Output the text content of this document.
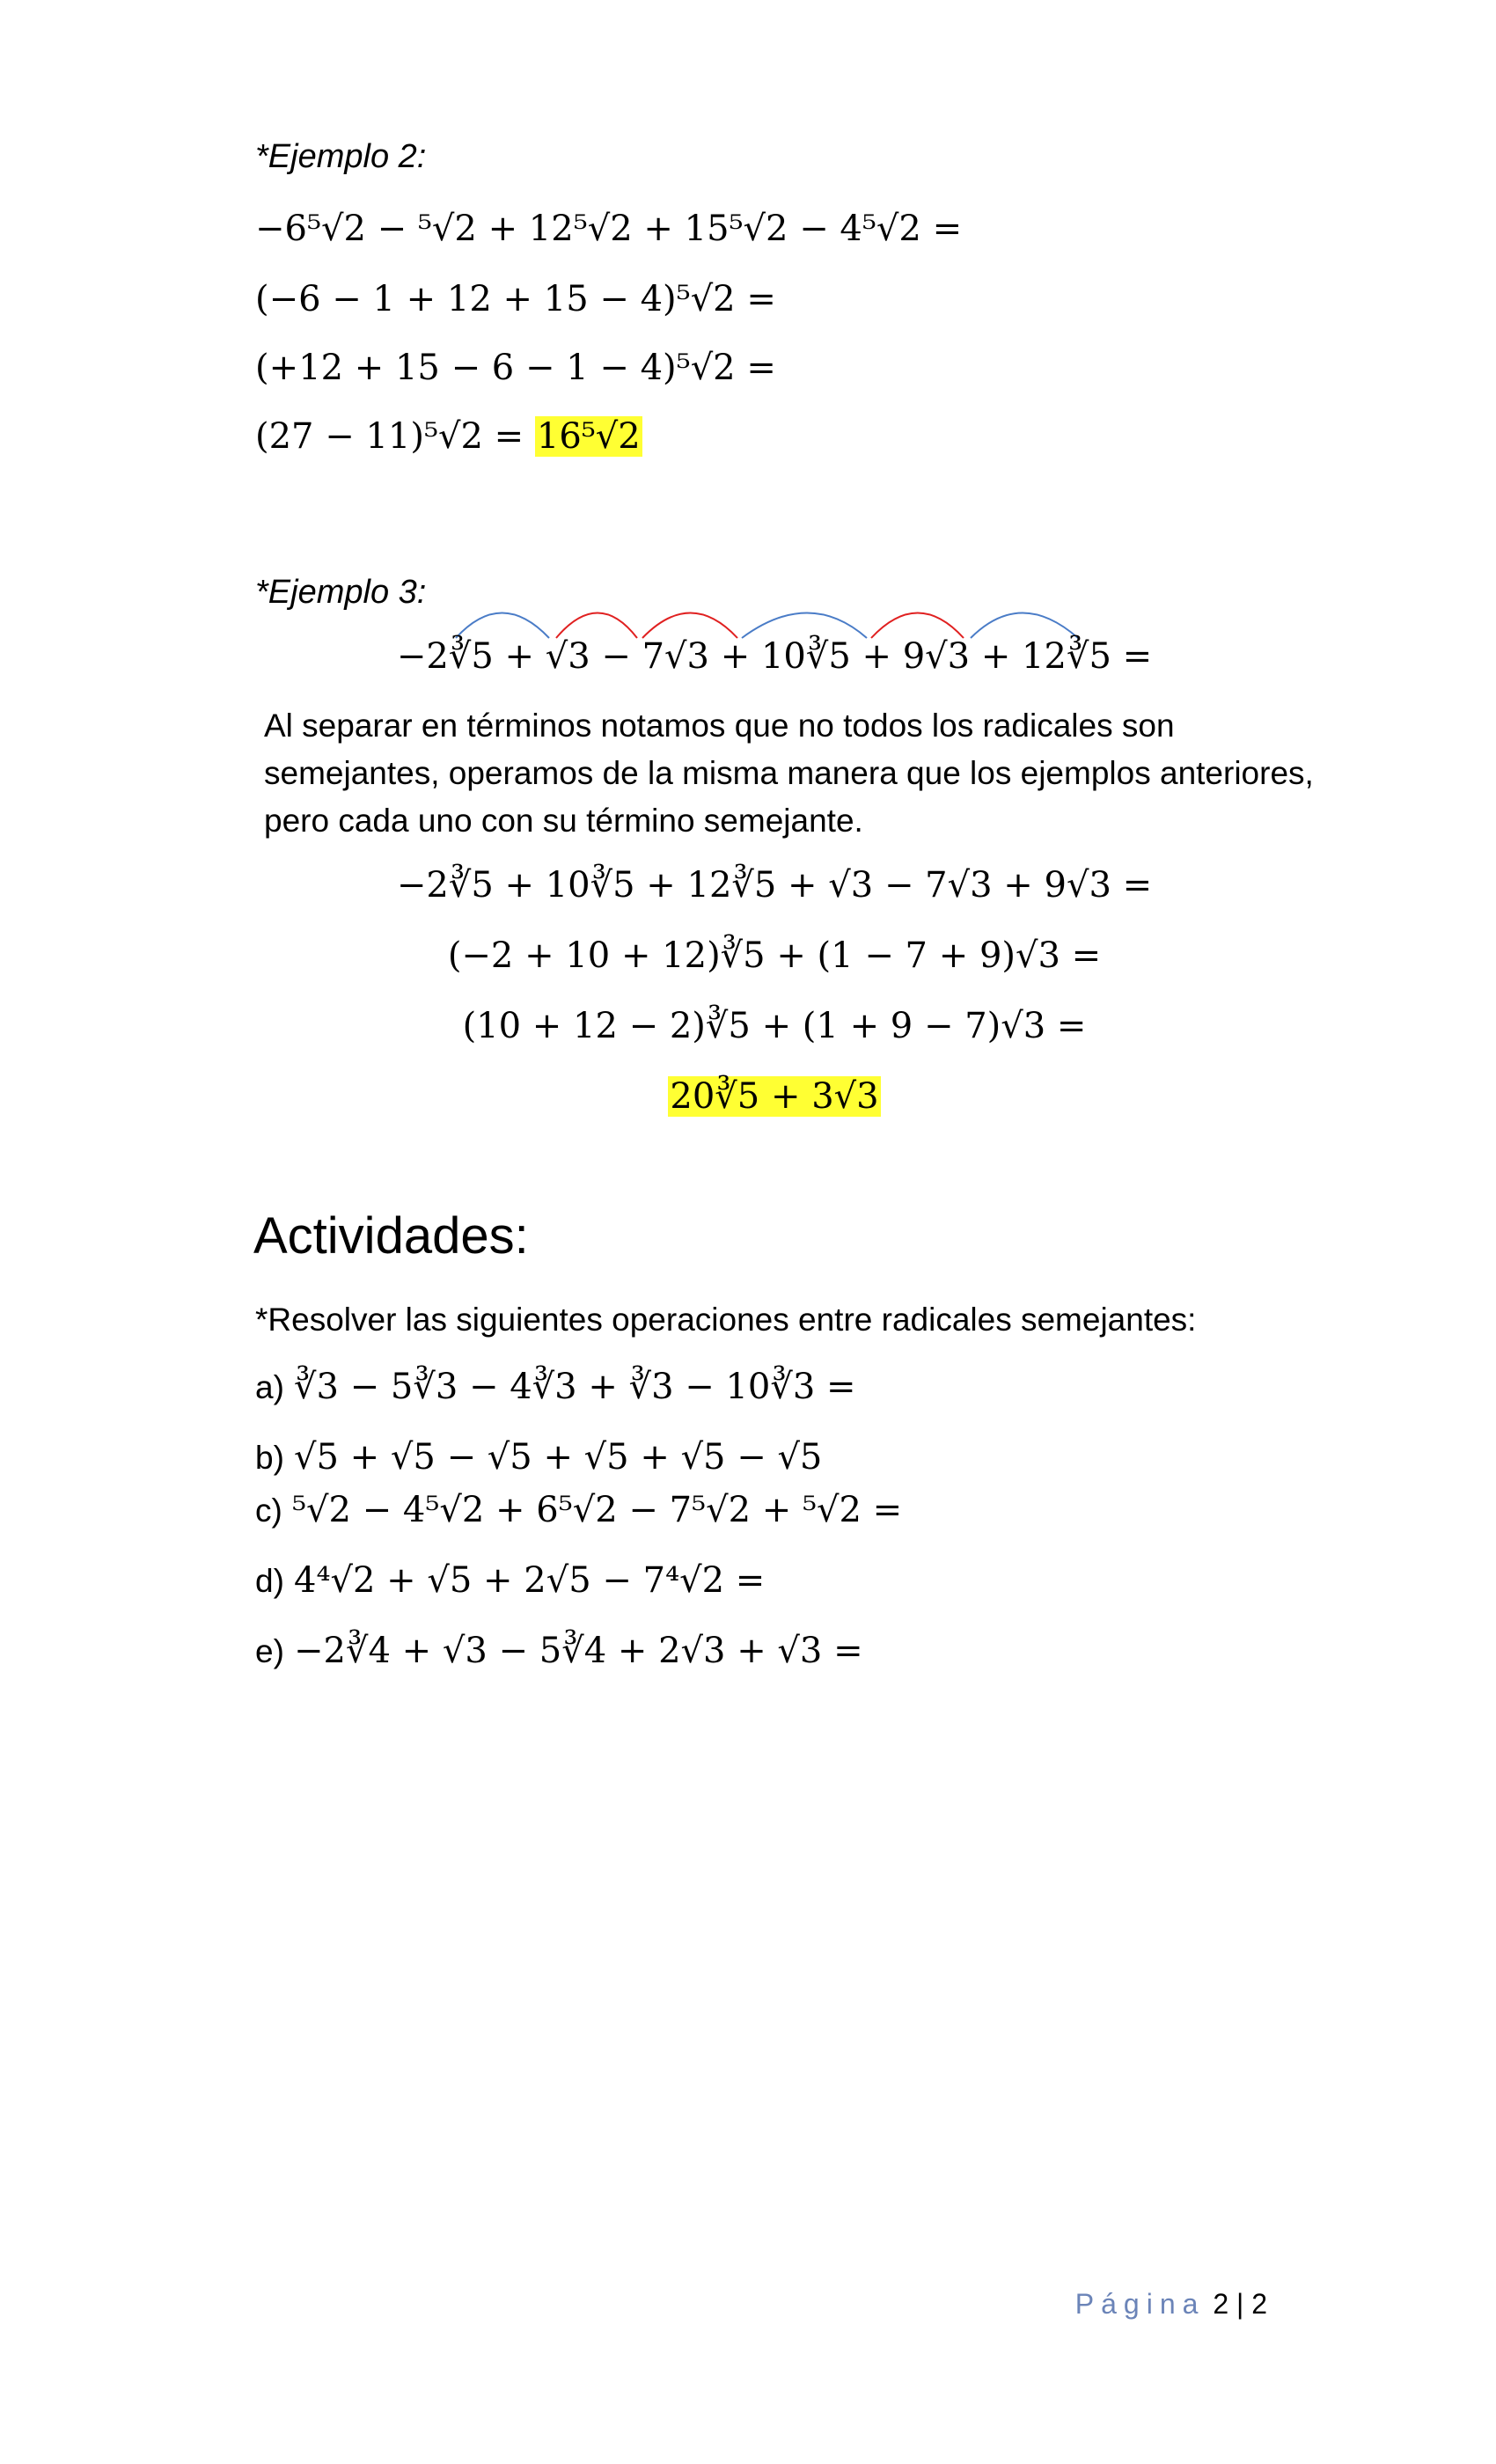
*Ejemplo 2:
−6⁵√2 − ⁵√2 + 12⁵√2 + 15⁵√2 − 4⁵√2 =
(−6 − 1 + 12 + 15 − 4)⁵√2 =
(+12 + 15 − 6 − 1 − 4)⁵√2 =
(27 − 11)⁵√2 = 16⁵√2
*Ejemplo 3:
−2∛5 + √3 − 7√3 + 10∛5 + 9√3 + 12∛5 =
Al separar en términos notamos que no todos los radicales son semejantes, operamos de la misma manera que los ejemplos anteriores, pero cada uno con su término semejante.
−2∛5 + 10∛5 + 12∛5 + √3 − 7√3 + 9√3 =
(−2 + 10 + 12)∛5 + (1 − 7 + 9)√3 =
(10 + 12 − 2)∛5 + (1 + 9 − 7)√3 =
20∛5 + 3√3
Actividades:
*Resolver las siguientes operaciones entre radicales semejantes:
a) ∛3 − 5∛3 − 4∛3 + ∛3 − 10∛3 =
b) √5 + √5 − √5 + √5 + √5 − √5
c) ⁵√2 − 4⁵√2 + 6⁵√2 − 7⁵√2 + ⁵√2 =
d) 4⁴√2 + √5 + 2√5 − 7⁴√2 =
e) −2∛4 + √3 − 5∛4 + 2√3 + √3 =
Página 2 | 2
